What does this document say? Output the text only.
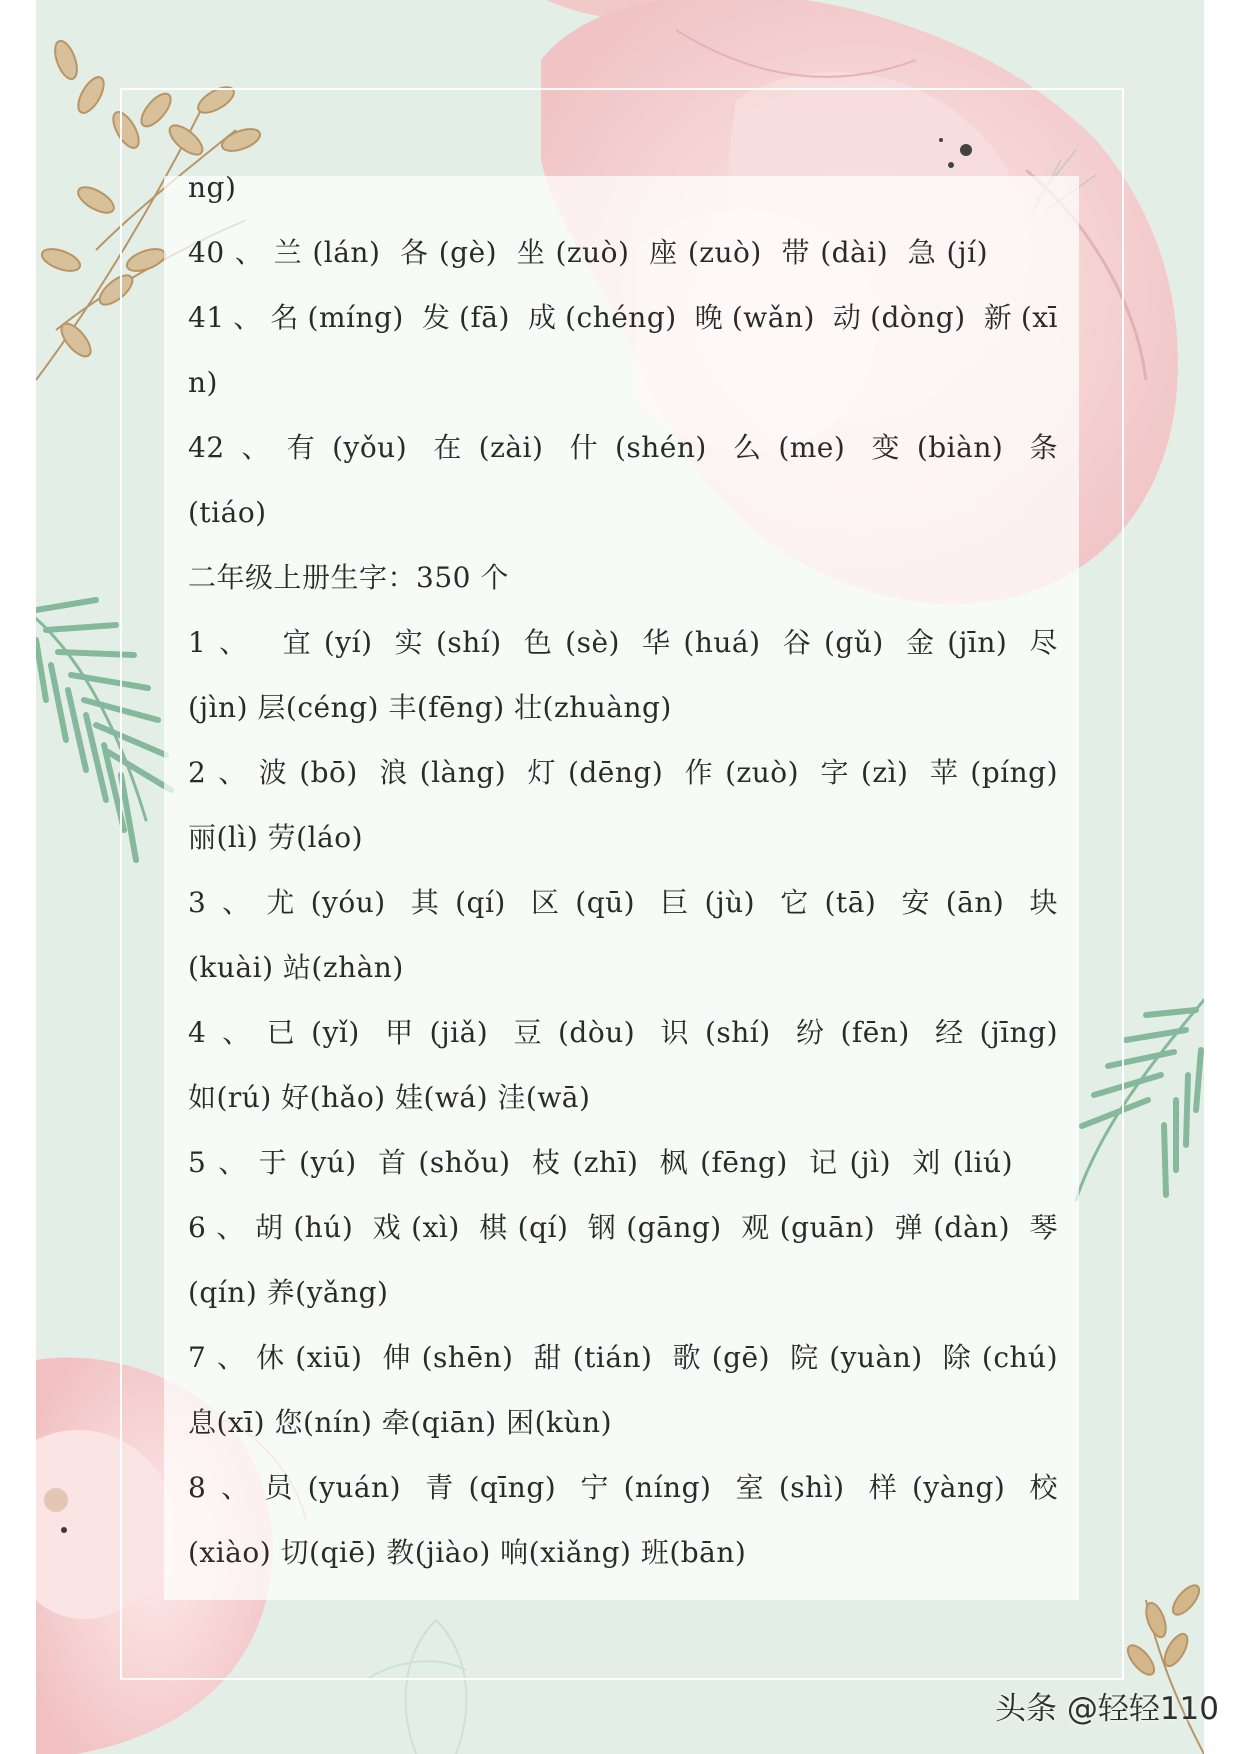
ng)
40、兰(lán) 各(gè) 坐(zuò) 座(zuò) 带(dài) 急(jí)
41、名(míng) 发(fā) 成(chéng) 晚(wǎn) 动(dòng) 新(xī
n)
42、有(yǒu) 在(zài) 什(shén) 么(me) 变(biàn) 条
(tiáo)
二年级上册生字：350 个
1、 宜(yí) 实(shí) 色(sè) 华(huá) 谷(gǔ) 金(jīn) 尽
(jìn) 层(céng) 丰(fēng) 壮(zhuàng)
2、波(bō) 浪(làng) 灯(dēng) 作(zuò) 字(zì) 苹(píng)
丽(lì) 劳(láo)
3、尤(yóu) 其(qí) 区(qū) 巨(jù) 它(tā) 安(ān) 块
(kuài) 站(zhàn)
4、已(yǐ) 甲(jiǎ) 豆(dòu) 识(shí) 纷(fēn) 经(jīng)
如(rú) 好(hǎo) 娃(wá) 洼(wā)
5、于(yú) 首(shǒu) 枝(zhī) 枫(fēng) 记(jì) 刘(liú)
6、胡(hú) 戏(xì) 棋(qí) 钢(gāng) 观(guān) 弹(dàn) 琴
(qín) 养(yǎng)
7、休(xiū) 伸(shēn) 甜(tián) 歌(gē) 院(yuàn) 除(chú)
息(xī) 您(nín) 牵(qiān) 困(kùn)
8、员(yuán) 青(qīng) 宁(níng) 室(shì) 样(yàng) 校
(xiào) 切(qiē) 教(jiào) 响(xiǎng) 班(bān)
头条 @轻轻110
